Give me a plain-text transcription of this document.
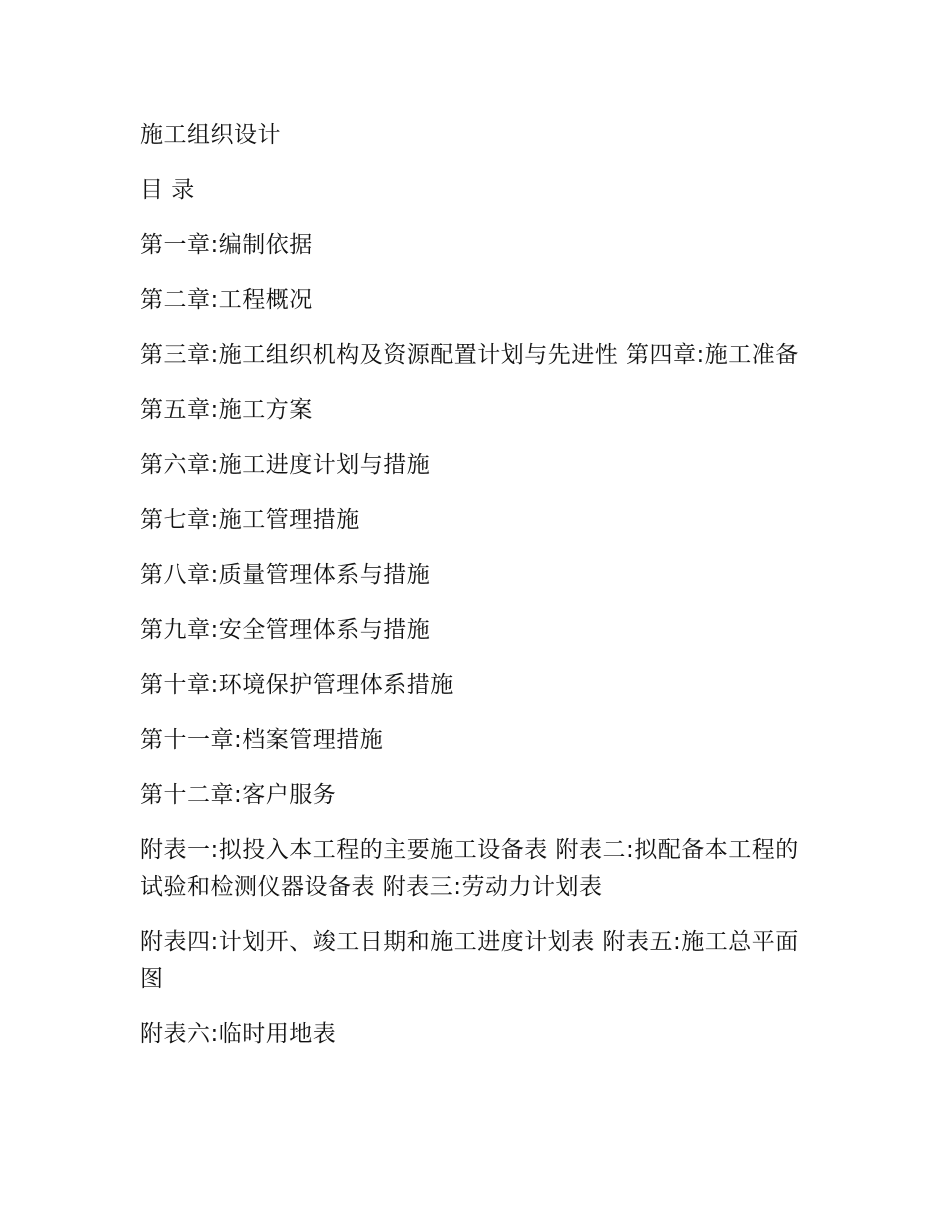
施工组织设计

目 录

第一章:编制依据

第二章:工程概况

第三章:施工组织机构及资源配置计划与先进性 第四章:施工准备

第五章:施工方案

第六章:施工进度计划与措施

第七章:施工管理措施

第八章:质量管理体系与措施

第九章:安全管理体系与措施

第十章:环境保护管理体系措施

第十一章:档案管理措施

第十二章:客户服务

附表一:拟投入本工程的主要施工设备表 附表二:拟配备本工程的试验和检测仪器设备表 附表三:劳动力计划表

附表四:计划开、竣工日期和施工进度计划表 附表五:施工总平面图

附表六:临时用地表
